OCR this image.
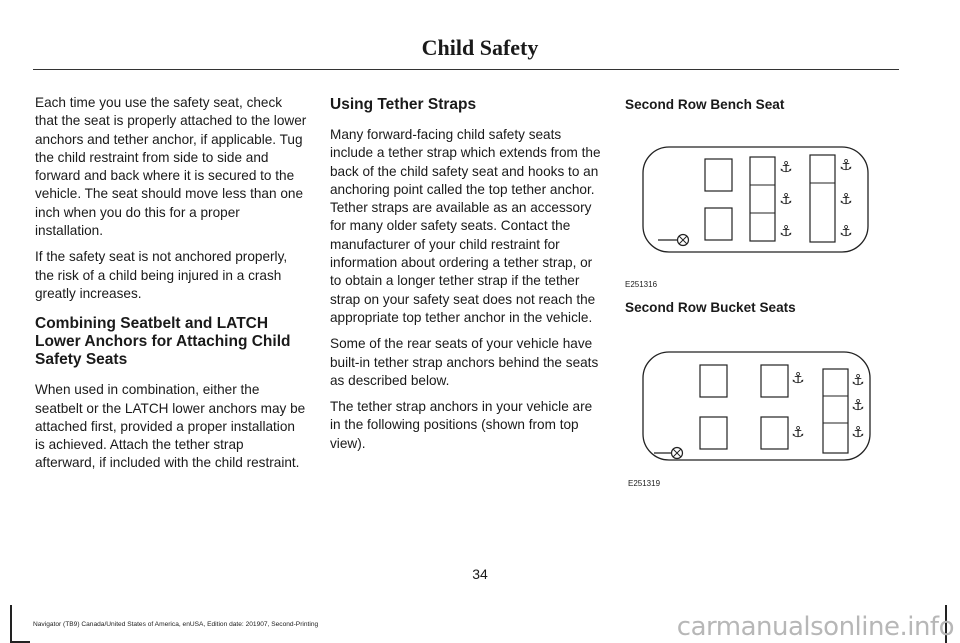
Child Safety

Each time you use the safety seat, check that the seat is properly attached to the lower anchors and tether anchor, if applicable. Tug the child restraint from side to side and forward and back where it is secured to the vehicle. The seat should move less than one inch when you do this for a proper installation.

If the safety seat is not anchored properly, the risk of a child being injured in a crash greatly increases.

Combining Seatbelt and LATCH Lower Anchors for Attaching Child Safety Seats

When used in combination, either the seatbelt or the LATCH lower anchors may be attached first, provided a proper installation is achieved. Attach the tether strap afterward, if included with the child restraint.

Using Tether Straps

Many forward-facing child safety seats include a tether strap which extends from the back of the child safety seat and hooks to an anchoring point called the top tether anchor. Tether straps are available as an accessory for many older safety seats. Contact the manufacturer of your child restraint for information about ordering a tether strap, or to obtain a longer tether strap if the tether strap on your safety seat does not reach the appropriate top tether anchor in the vehicle.

Some of the rear seats of your vehicle have built-in tether strap anchors behind the seats as described below.

The tether strap anchors in your vehicle are in the following positions (shown from top view).

Second Row Bench Seat
⚓
⚓
⚓
⚓
⚓
⚓
E251316
Second Row Bucket Seats
⚓
⚓
⚓
⚓
⚓
E251319
34
Navigator (TB9) Canada/United States of America, enUSA, Edition date: 201907, Second-Printing	carmanualsonline.info
